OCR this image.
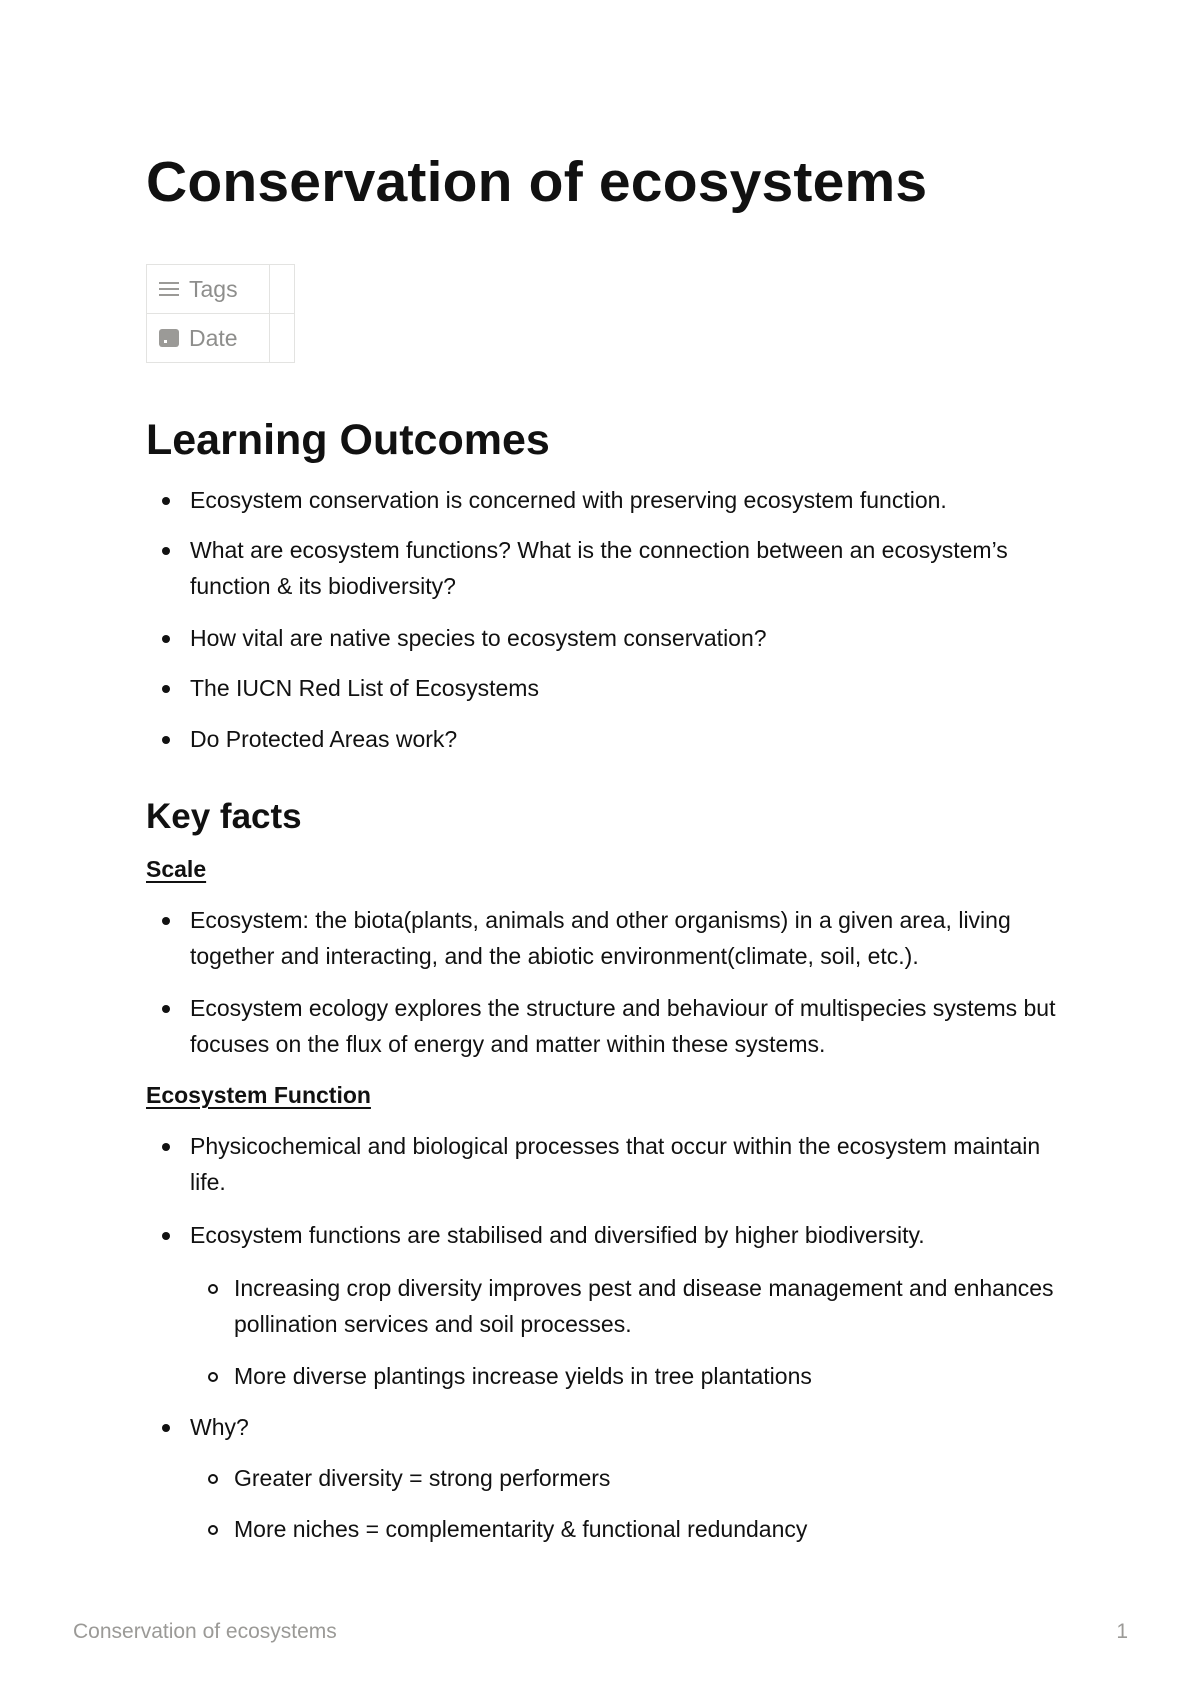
Conservation of ecosystems
Tags	

Date	

Learning Outcomes
Ecosystem conservation is concerned with preserving ecosystem function.
What are ecosystem functions? What is the connection between an ecosystem’s function & its biodiversity?
How vital are native species to ecosystem conservation?
The IUCN Red List of Ecosystems
Do Protected Areas work?
Key facts
Scale
Ecosystem: the biota(plants, animals and other organisms) in a given area, living together and interacting, and the abiotic environment(climate, soil, etc.).
Ecosystem ecology explores the structure and behaviour of multispecies systems but focuses on the flux of energy and matter within these systems.
Ecosystem Function
Physicochemical and biological processes that occur within the ecosystem maintain life.
Ecosystem functions are stabilised and diversified by higher biodiversity.
Increasing crop diversity improves pest and disease management and enhances pollination services and soil processes.
More diverse plantings increase yields in tree plantations
Why?
Greater diversity = strong performers
More niches = complementarity & functional redundancy
Conservation of ecosystems	1
